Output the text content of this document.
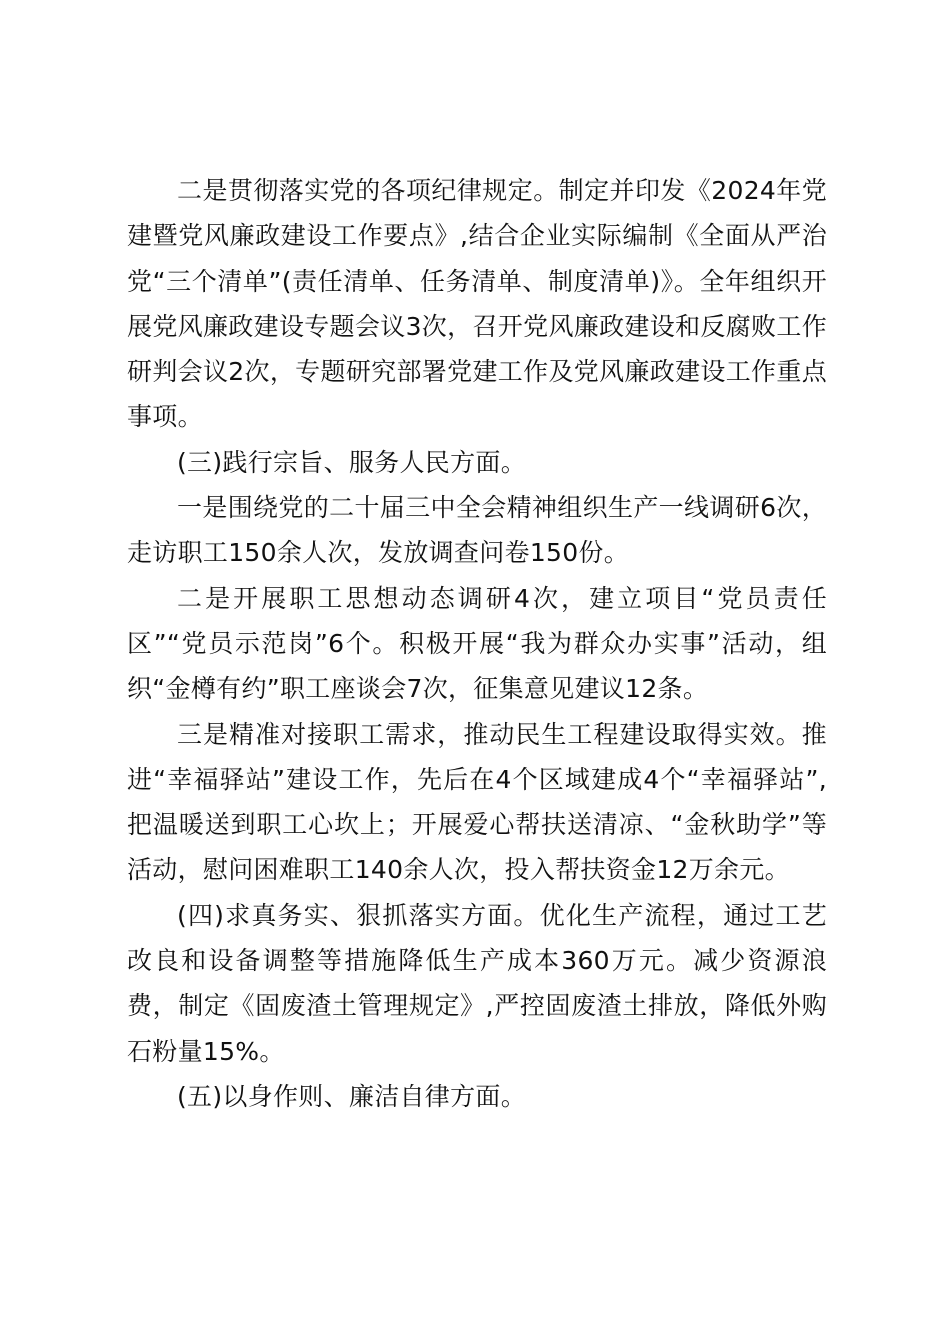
二是贯彻落实党的各项纪律规定。制定并印发《2024年党建暨党风廉政建设工作要点》,结合企业实际编制《全面从严治党“三个清单”(责任清单、任务清单、制度清单)》。全年组织开展党风廉政建设专题会议3次，召开党风廉政建设和反腐败工作研判会议2次，专题研究部署党建工作及党风廉政建设工作重点事项。

(三)践行宗旨、服务人民方面。

一是围绕党的二十届三中全会精神组织生产一线调研6次，走访职工150余人次，发放调查问卷150份。

二是开展职工思想动态调研4次，建立项目“党员责任区”“党员示范岗”6个。积极开展“我为群众办实事”活动，组织“金樽有约”职工座谈会7次，征集意见建议12条。

三是精准对接职工需求，推动民生工程建设取得实效。推进“幸福驿站”建设工作，先后在4个区域建成4个“幸福驿站”,把温暖送到职工心坎上；开展爱心帮扶送清凉、“金秋助学”等活动，慰问困难职工140余人次，投入帮扶资金12万余元。

(四)求真务实、狠抓落实方面。优化生产流程，通过工艺改良和设备调整等措施降低生产成本360万元。减少资源浪费，制定《固废渣土管理规定》,严控固废渣土排放，降低外购石粉量15%。

(五)以身作则、廉洁自律方面。
